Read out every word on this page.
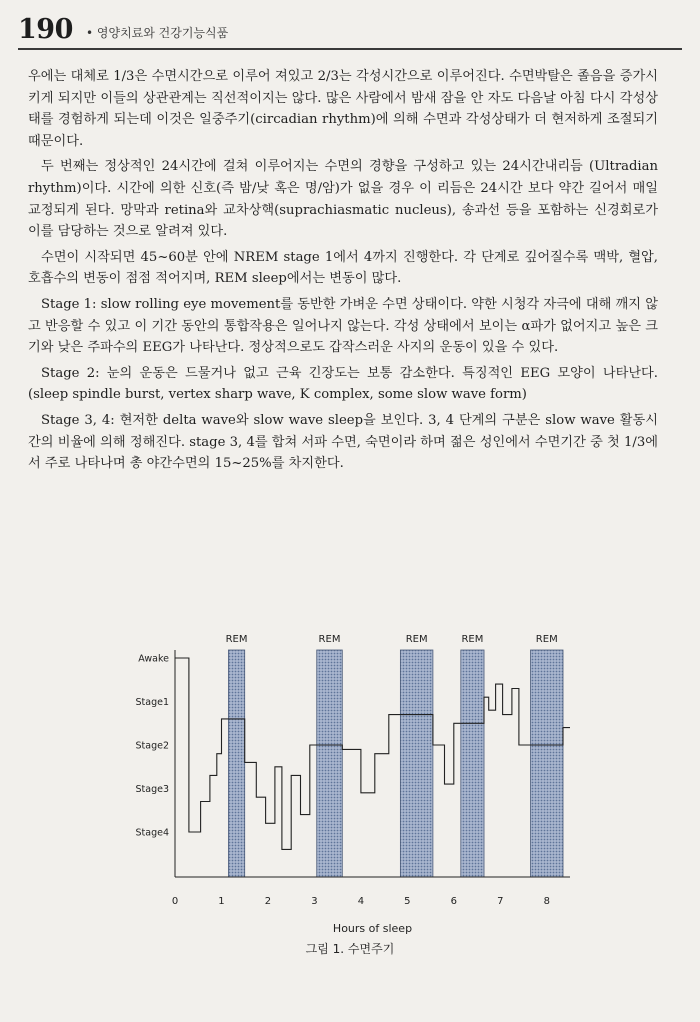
190 • 영양치료와 건강기능식품

우에는 대체로 1/3은 수면시간으로 이루어 져있고 2/3는 각성시간으로 이루어진다. 수면박탈은 졸음을 증가시키게 되지만 이들의 상관관계는 직선적이지는 않다. 많은 사람에서 밤새 잠을 안 자도 다음날 아침 다시 각성상태를 경험하게 되는데 이것은 일중주기(circadian rhythm)에 의해 수면과 각성상태가 더 현저하게 조절되기 때문이다.

두 번째는 정상적인 24시간에 걸쳐 이루어지는 수면의 경향을 구성하고 있는 24시간내리듬 (Ultradian rhythm)이다. 시간에 의한 신호(즉 밤/낮 혹은 명/암)가 없을 경우 이 리듬은 24시간 보다 약간 길어서 매일 교정되게 된다. 망막과 retina와 교차상핵(suprachiasmatic nucleus), 송과선 등을 포함하는 신경회로가 이를 담당하는 것으로 알려져 있다.

수면이 시작되면 45~60분 안에 NREM stage 1에서 4까지 진행한다. 각 단계로 깊어질수록 맥박, 혈압, 호흡수의 변동이 점점 적어지며, REM sleep에서는 변동이 많다.

Stage 1: slow rolling eye movement를 동반한 가벼운 수면 상태이다. 약한 시청각 자극에 대해 깨지 않고 반응할 수 있고 이 기간 동안의 통합작용은 일어나지 않는다. 각성 상태에서 보이는 α파가 없어지고 높은 크기와 낮은 주파수의 EEG가 나타난다. 정상적으로도 갑작스러운 사지의 운동이 있을 수 있다.

Stage 2: 눈의 운동은 드물거나 없고 근육 긴장도는 보통 감소한다. 특징적인 EEG 모양이 나타난다. (sleep spindle burst, vertex sharp wave, K complex, some slow wave form)

Stage 3, 4: 현저한 delta wave와 slow wave sleep을 보인다. 3, 4 단계의 구분은 slow wave 활동시간의 비율에 의해 정해진다. stage 3, 4를 합쳐 서파 수면, 숙면이라 하며 젊은 성인에서 수면기간 중 첫 1/3에서 주로 나타나며 총 야간수면의 15~25%를 차지한다.

REM	REM	REM	REM	REM
Awake
Stage1
Stage2
Stage3
Stage4
0	1	2	3	4	5	6	7	8
Hours of sleep
그림 1. 수면주기
